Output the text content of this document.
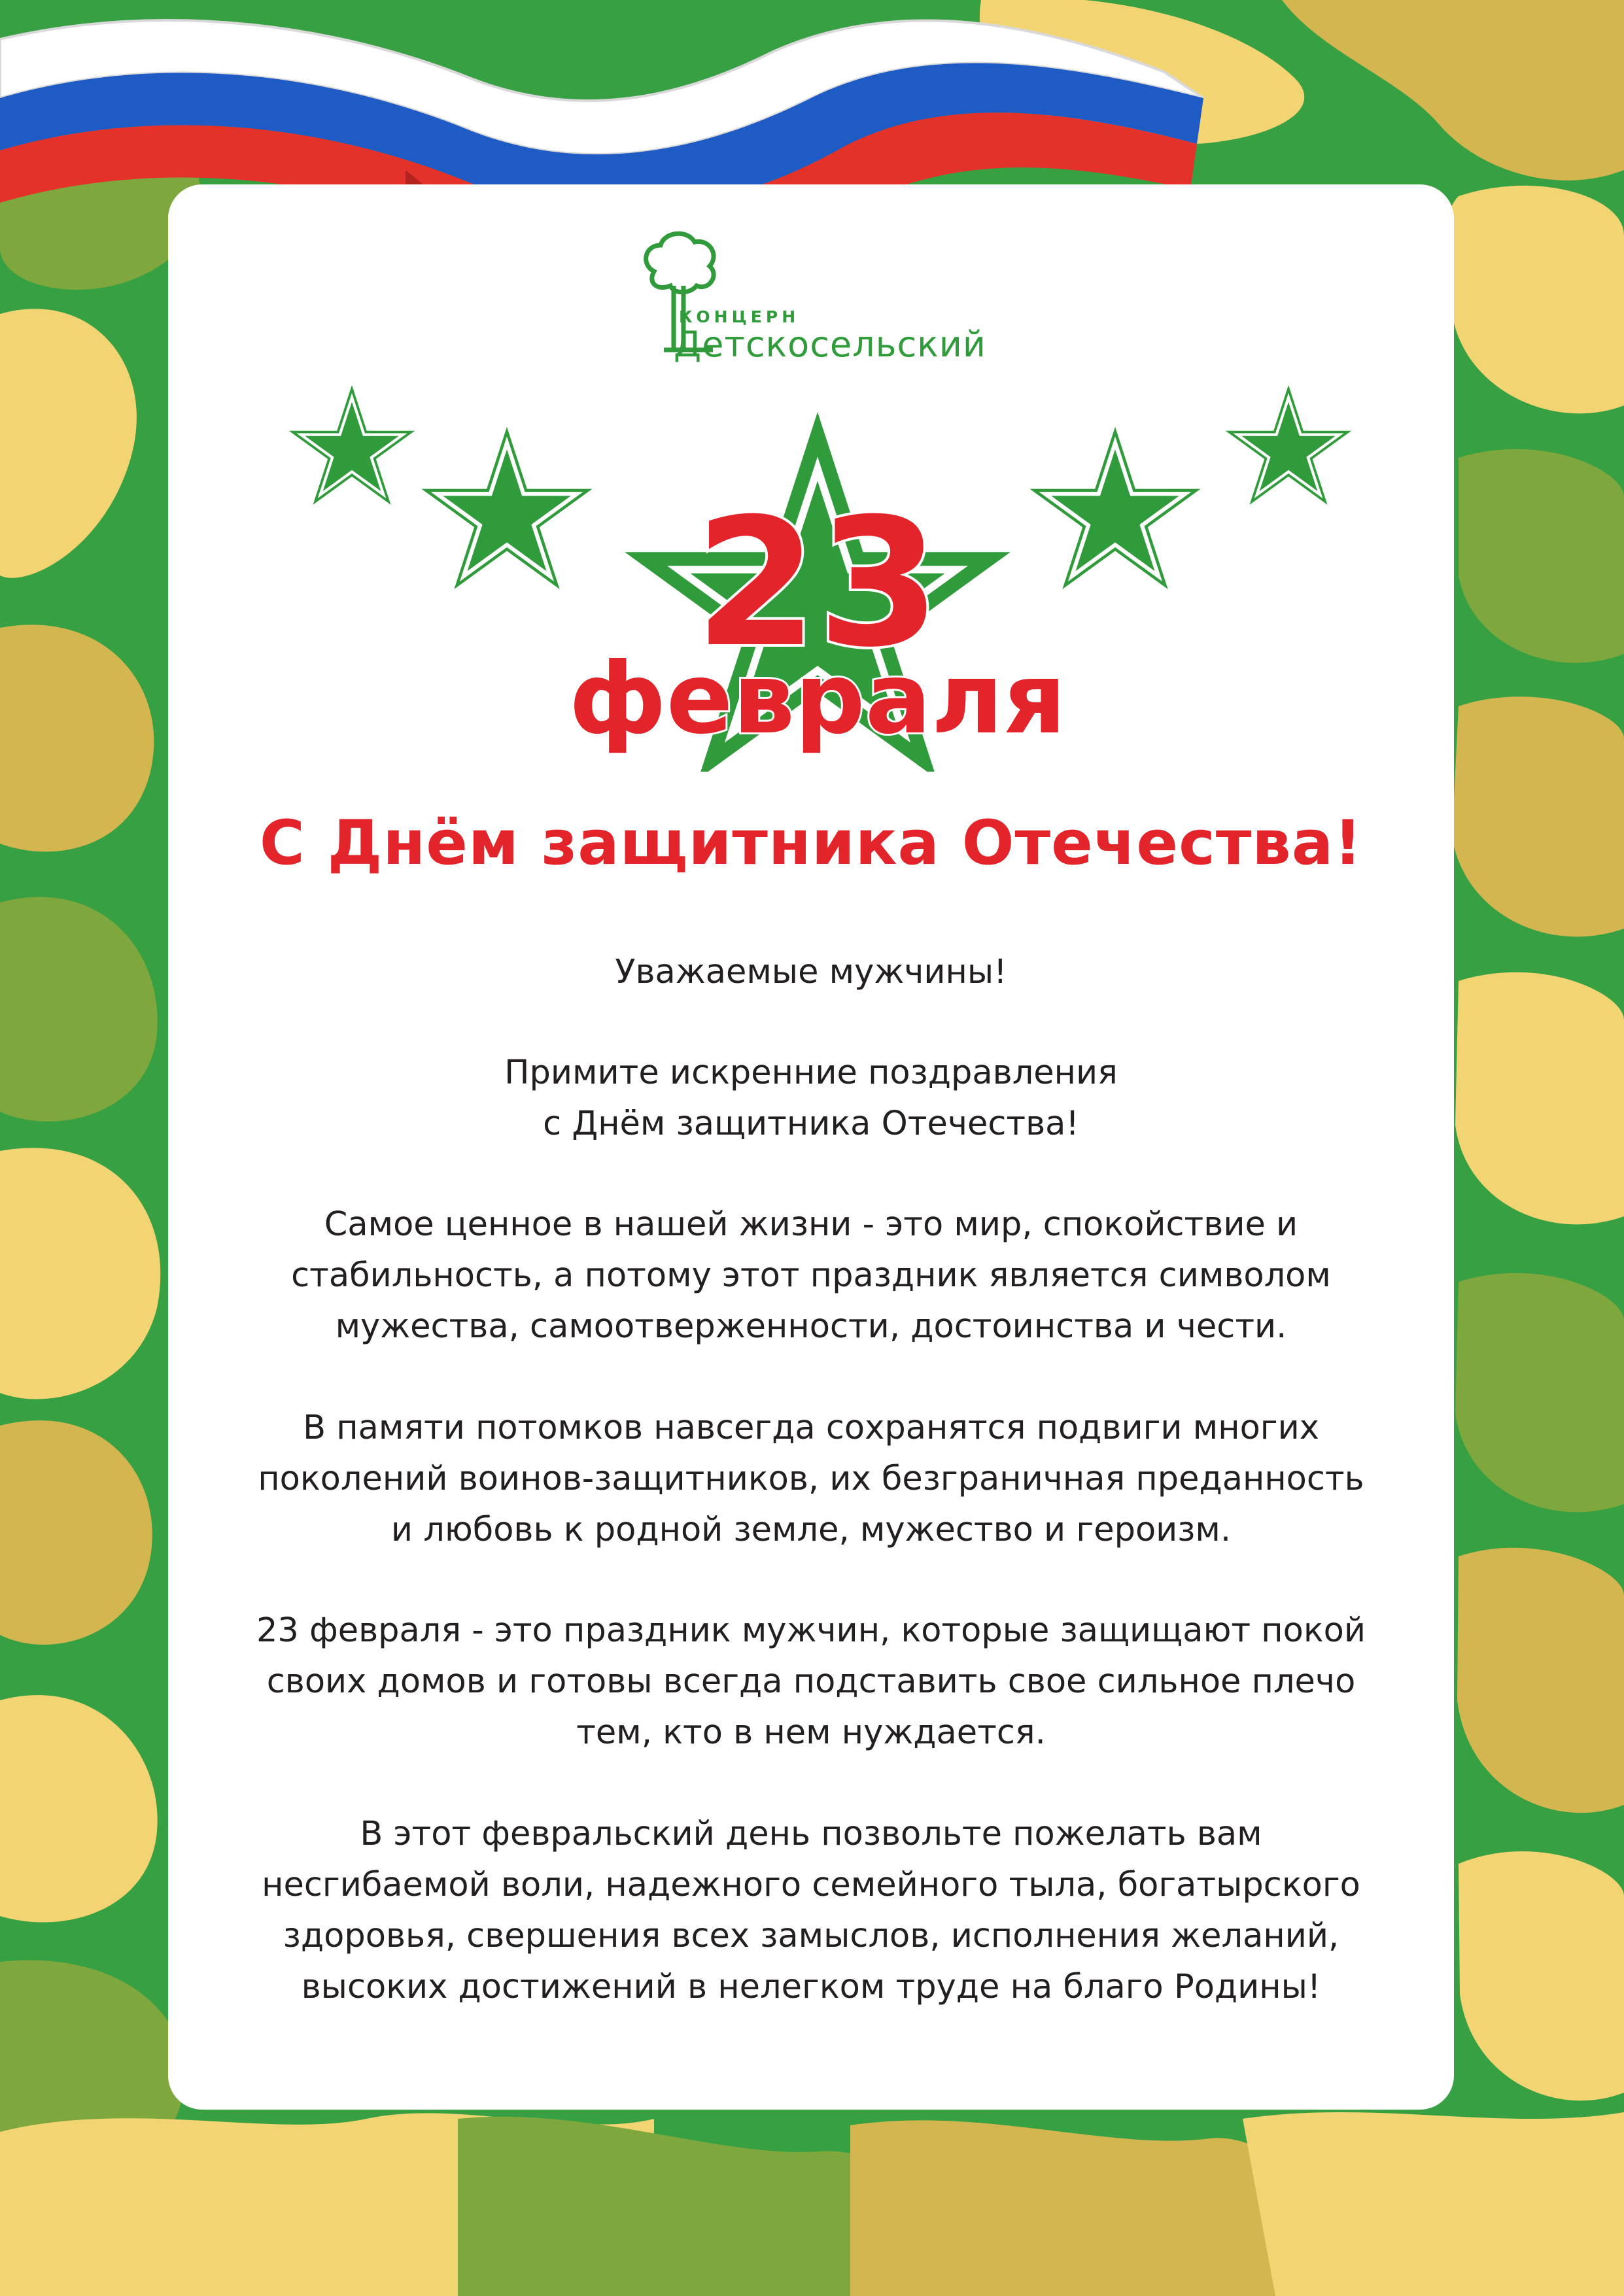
КОНЦЕРН
Детскосельский
23
февраля
С Днём защитника Отечества!

Уважаемые мужчины!

Примите искренние поздравления
с Днём защитника Отечества!

Самое ценное в нашей жизни - это мир, спокойствие и
стабильность, а потому этот праздник является символом
мужества, самоотверженности, достоинства и чести.

В памяти потомков навсегда сохранятся подвиги многих
поколений воинов-защитников, их безграничная преданность
и любовь к родной земле, мужество и героизм.

23 февраля - это праздник мужчин, которые защищают покой
своих домов и готовы всегда подставить свое сильное плечо
тем, кто в нем нуждается.

В этот февральский день позвольте пожелать вам
несгибаемой воли, надежного семейного тыла, богатырского
здоровья, свершения всех замыслов, исполнения желаний,
высоких достижений в нелегком труде на благо Родины!
